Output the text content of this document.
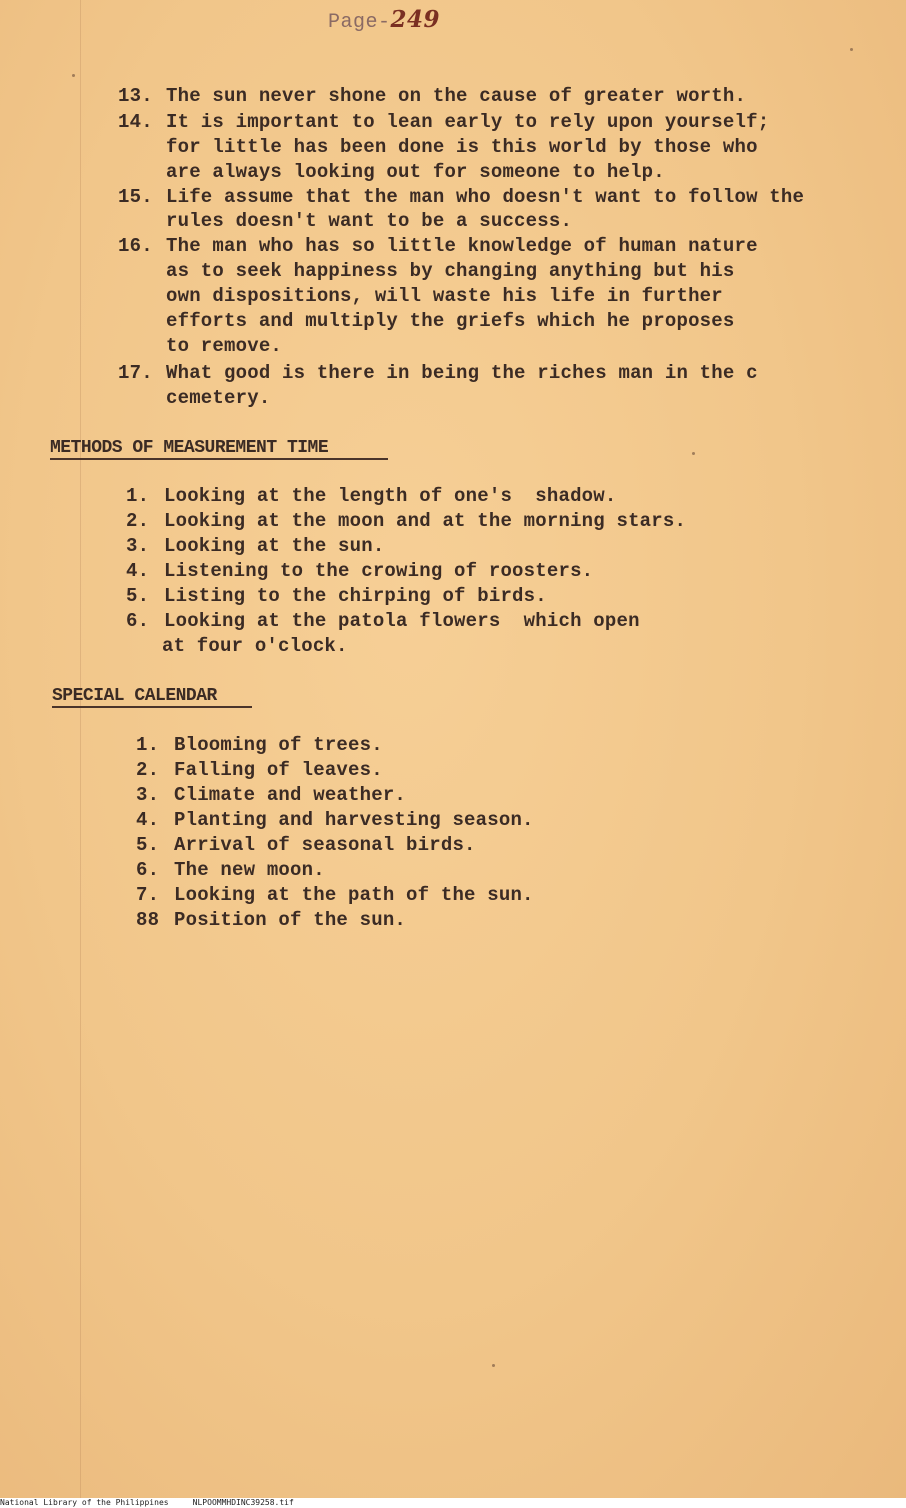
Page-249
13. The sun never shone on the cause of greater worth.
14. It is important to lean early to rely upon yourself;
for little has been done is this world by those who
are always looking out for someone to help.
15. Life assume that the man who doesn't want to follow the
rules doesn't want to be a success.
16. The man who has so little knowledge of human nature
as to seek happiness by changing anything but his
own dispositions, will waste his life in further
efforts and multiply the griefs which he proposes
to remove.
17. What good is there in being the riches man in the c
cemetery.
METHODS OF MEASUREMENT TIME
1. Looking at the length of one's  shadow.
2. Looking at the moon and at the morning stars.
3. Looking at the sun.
4. Listening to the crowing of roosters.
5. Listing to the chirping of birds.
6. Looking at the patola flowers  which open
at four o'clock.
SPECIAL CALENDAR
1. Blooming of trees.
2. Falling of leaves.
3. Climate and weather.
4. Planting and harvesting season.
5. Arrival of seasonal birds.
6. The new moon.
7. Looking at the path of the sun.
88 Position of the sun.
National Library of the Philippines	NLPOOMMHDINC39258.tif
